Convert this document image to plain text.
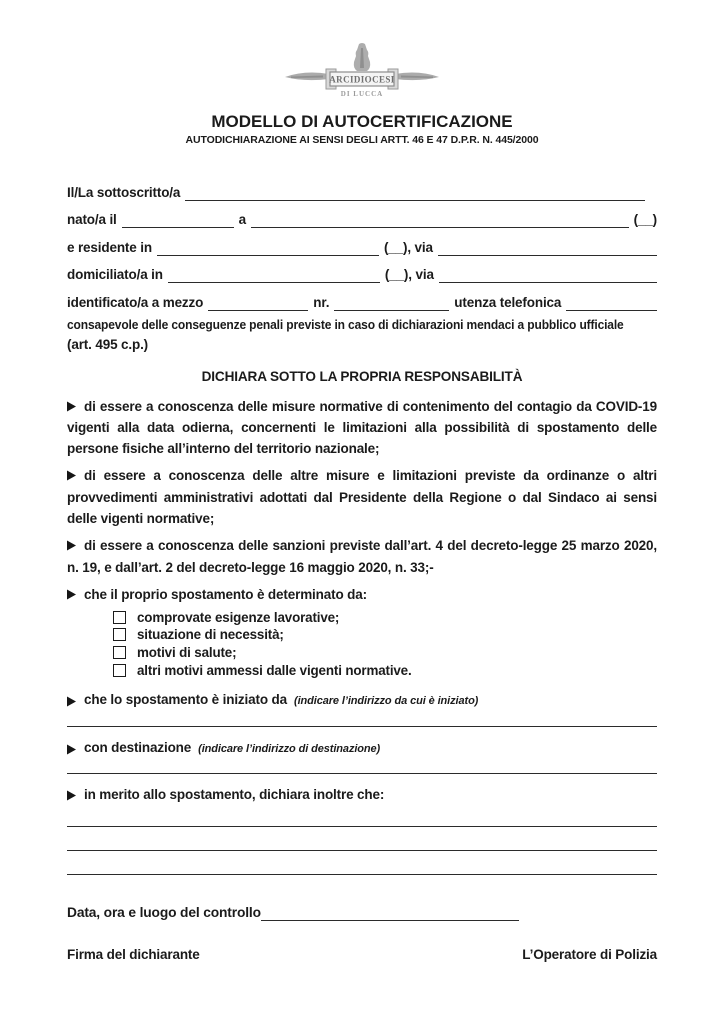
ARCIDIOCESI
DI LUCCA
MODELLO DI AUTOCERTIFICAZIONE
AUTODICHIARAZIONE AI SENSI DEGLI ARTT. 46 E 47 D.P.R. N. 445/2000
Il/La sottoscritto/a
nato/a il	a	(__)
e residente in	(__), via
domiciliato/a in	(__), via
identificato/a a mezzo	nr.	utenza telefonica
consapevole delle conseguenze penali previste in caso di dichiarazioni mendaci a pubblico ufficiale
(art. 495 c.p.)
DICHIARA SOTTO LA PROPRIA RESPONSABILITÀ

di essere a conoscenza delle misure normative di contenimento del contagio da COVID-19 vigenti alla data odierna, concernenti le limitazioni alla possibilità di spostamento delle persone fisiche all’interno del territorio nazionale;

di essere a conoscenza delle altre misure e limitazioni previste da ordinanze o altri provvedimenti amministrativi adottati dal Presidente della Regione o dal Sindaco ai sensi delle vigenti normative;

di essere a conoscenza delle sanzioni previste dall’art. 4 del decreto-legge 25 marzo 2020, n. 19, e dall’art. 2 del decreto-legge 16 maggio 2020, n. 33;-

che il proprio spostamento è determinato da:

comprovate esigenze lavorative;
situazione di necessità;
motivi di salute;
altri motivi ammessi dalle vigenti normative.
che lo spostamento è iniziato da (indicare l’indirizzo da cui è iniziato)
con destinazione (indicare l’indirizzo di destinazione)
in merito allo spostamento, dichiara inoltre che:
Data, ora e luogo del controllo
Firma del dichiarante	L’Operatore di Polizia
